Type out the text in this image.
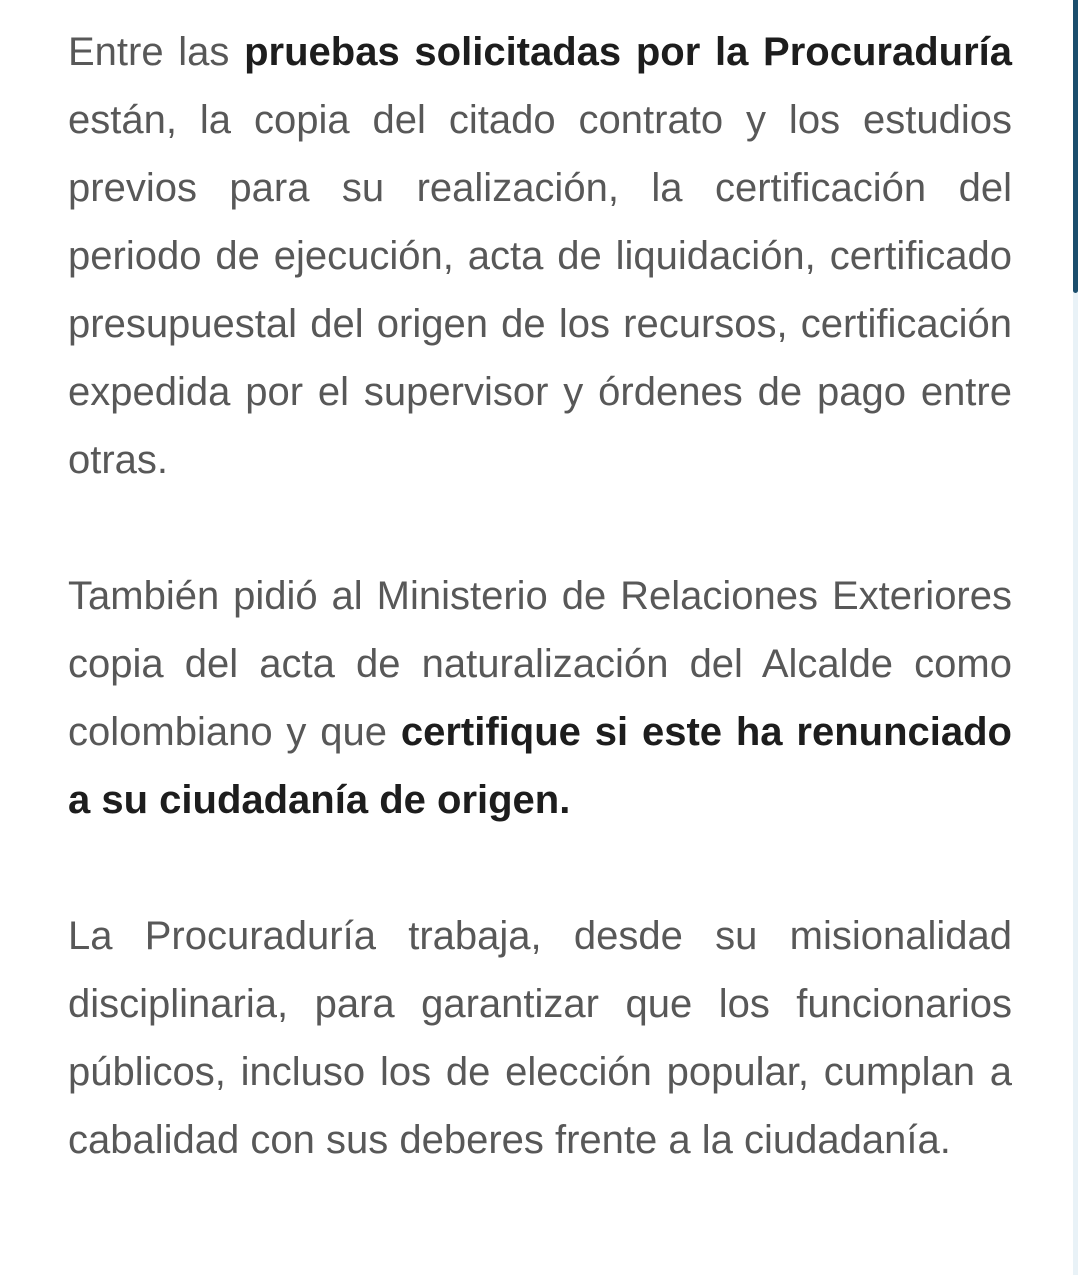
Entre las pruebas solicitadas por la Procuraduría están, la copia del citado contrato y los estudios previos para su realización, la certificación del periodo de ejecución, acta de liquidación, certificado presupuestal del origen de los recursos, certificación expedida por el supervisor y órdenes de pago entre otras.

También pidió al Ministerio de Relaciones Exteriores copia del acta de naturalización del Alcalde como colombiano y que certifique si este ha renunciado a su ciudadanía de origen.

La Procuraduría trabaja, desde su misionalidad disciplinaria, para garantizar que los funcionarios públicos, incluso los de elección popular, cumplan a cabalidad con sus deberes frente a la ciudadanía.
